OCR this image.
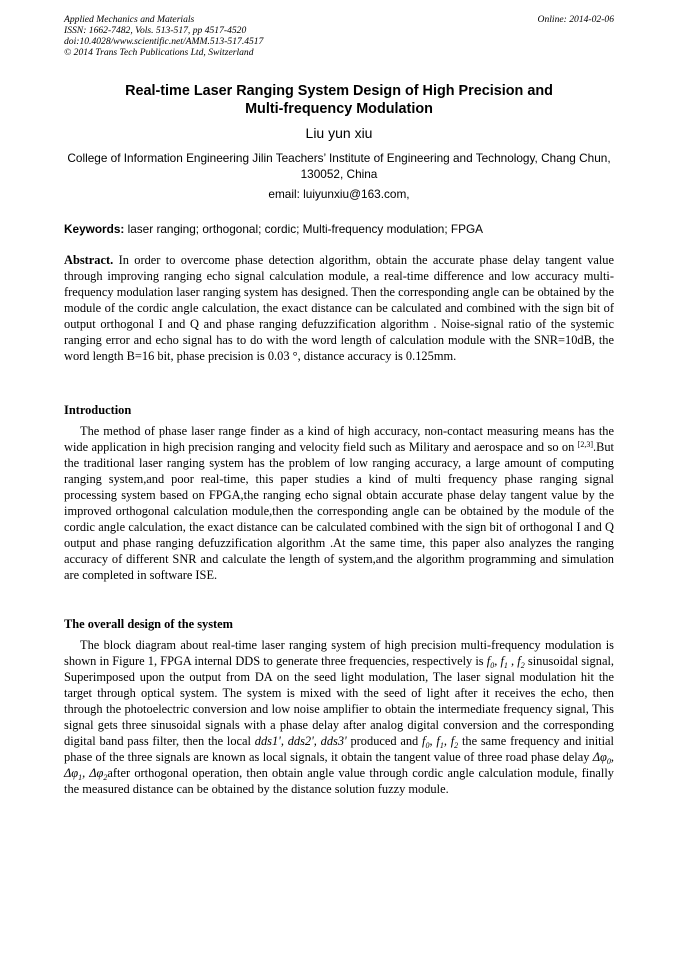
Applied Mechanics and Materials
ISSN: 1662-7482, Vols. 513-517, pp 4517-4520
doi:10.4028/www.scientific.net/AMM.513-517.4517
© 2014 Trans Tech Publications Ltd, Switzerland
Online: 2014-02-06
Real-time Laser Ranging System Design of High Precision and
Multi-frequency Modulation
Liu yun xiu
College of Information Engineering Jilin Teachers’ Institute of Engineering and Technology, Chang Chun, 130052, China
email: luiyunxiu@163.com,
Keywords: laser ranging; orthogonal; cordic; Multi-frequency modulation; FPGA
Abstract. In order to overcome phase detection algorithm, obtain the accurate phase delay tangent value through improving ranging echo signal calculation module, a real-time difference and low accuracy multi-frequency modulation laser ranging system has designed. Then the corresponding angle can be obtained by the module of the cordic angle calculation, the exact distance can be calculated and combined with the sign bit of output orthogonal I and Q and phase ranging defuzzification algorithm . Noise-signal ratio of the systemic ranging error and echo signal has to do with the word length of calculation module with the SNR=10dB, the word length B=16 bit, phase precision is 0.03 °, distance accuracy is 0.125mm.
Introduction
The method of phase laser range finder as a kind of high accuracy, non-contact measuring means has the wide application in high precision ranging and velocity field such as Military and aerospace and so on [2,3].But the traditional laser ranging system has the problem of low ranging accuracy, a large amount of computing ranging system,and poor real-time, this paper studies a kind of multi frequency phase ranging signal processing system based on FPGA,the ranging echo signal obtain accurate phase delay tangent value by the improved orthogonal calculation module,then the corresponding angle can be obtained by the module of the cordic angle calculation, the exact distance can be calculated combined with the sign bit of orthogonal I and Q output and phase ranging defuzzification algorithm .At the same time, this paper also analyzes the ranging accuracy of different SNR and calculate the length of system,and the algorithm programming and simulation are completed in software ISE.
The overall design of the system
The block diagram about real-time laser ranging system of high precision multi-frequency modulation is shown in Figure 1, FPGA internal DDS to generate three frequencies, respectively is $f_0$, $f_1$ , $f_2$ sinusoidal signal, Superimposed upon the output from DA on the seed light modulation, The laser signal modulation hit the target through optical system. The system is mixed with the seed of light after it receives the echo, then through the photoelectric conversion and low noise amplifier to obtain the intermediate frequency signal, This signal gets three sinusoidal signals with a phase delay after analog digital conversion and the corresponding digital band pass filter, then the local dds1', dds2', dds3' produced and $f_0$, $f_1$, $f_2$ the same frequency and initial phase of the three signals are known as local signals, it obtain the tangent value of three road phase delay $\Delta\varphi_0$, $\Delta\varphi_1$, $\Delta\varphi_2after$ orthogonal operation, then obtain angle value through cordic angle calculation module, finally the measured distance can be obtained by the distance solution fuzzy module.
